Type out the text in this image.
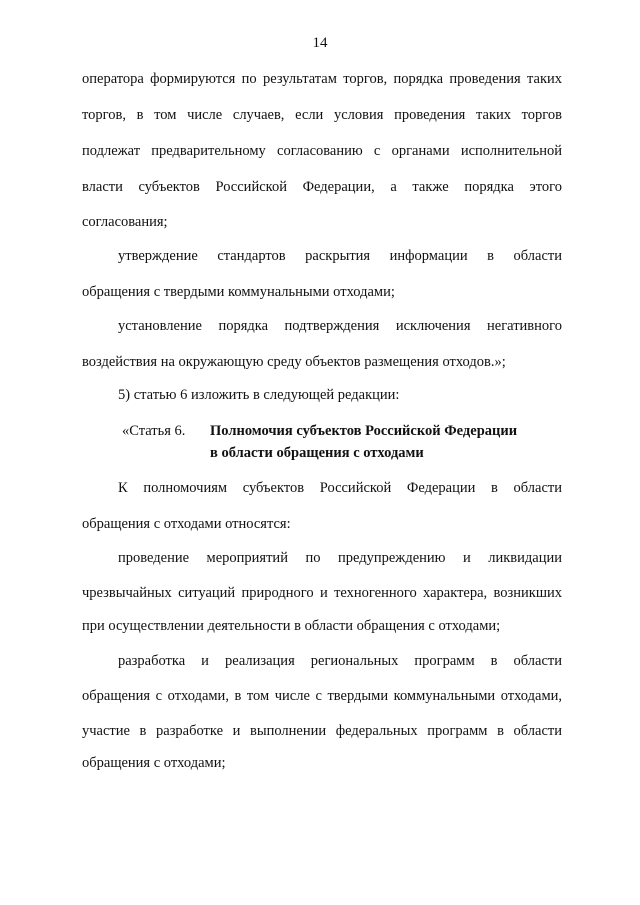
14
оператора формируются по результатам торгов, порядка проведения таких
торгов, в том числе случаев, если условия проведения таких торгов
подлежат предварительному согласованию с органами исполнительной
власти субъектов Российской Федерации, а также порядка этого
согласования;
утверждение стандартов раскрытия информации в области
обращения с твердыми коммунальными отходами;
установление порядка подтверждения исключения негативного
воздействия на окружающую среду объектов размещения отходов.»;
5) статью 6 изложить в следующей редакции:
«Статья 6. Полномочия субъектов Российской Федерации
в области обращения с отходами
К полномочиям субъектов Российской Федерации в области
обращения с отходами относятся:
проведение мероприятий по предупреждению и ликвидации
чрезвычайных ситуаций природного и техногенного характера, возникших
при осуществлении деятельности в области обращения с отходами;
разработка и реализация региональных программ в области
обращения с отходами, в том числе с твердыми коммунальными отходами,
участие в разработке и выполнении федеральных программ в области
обращения с отходами;
